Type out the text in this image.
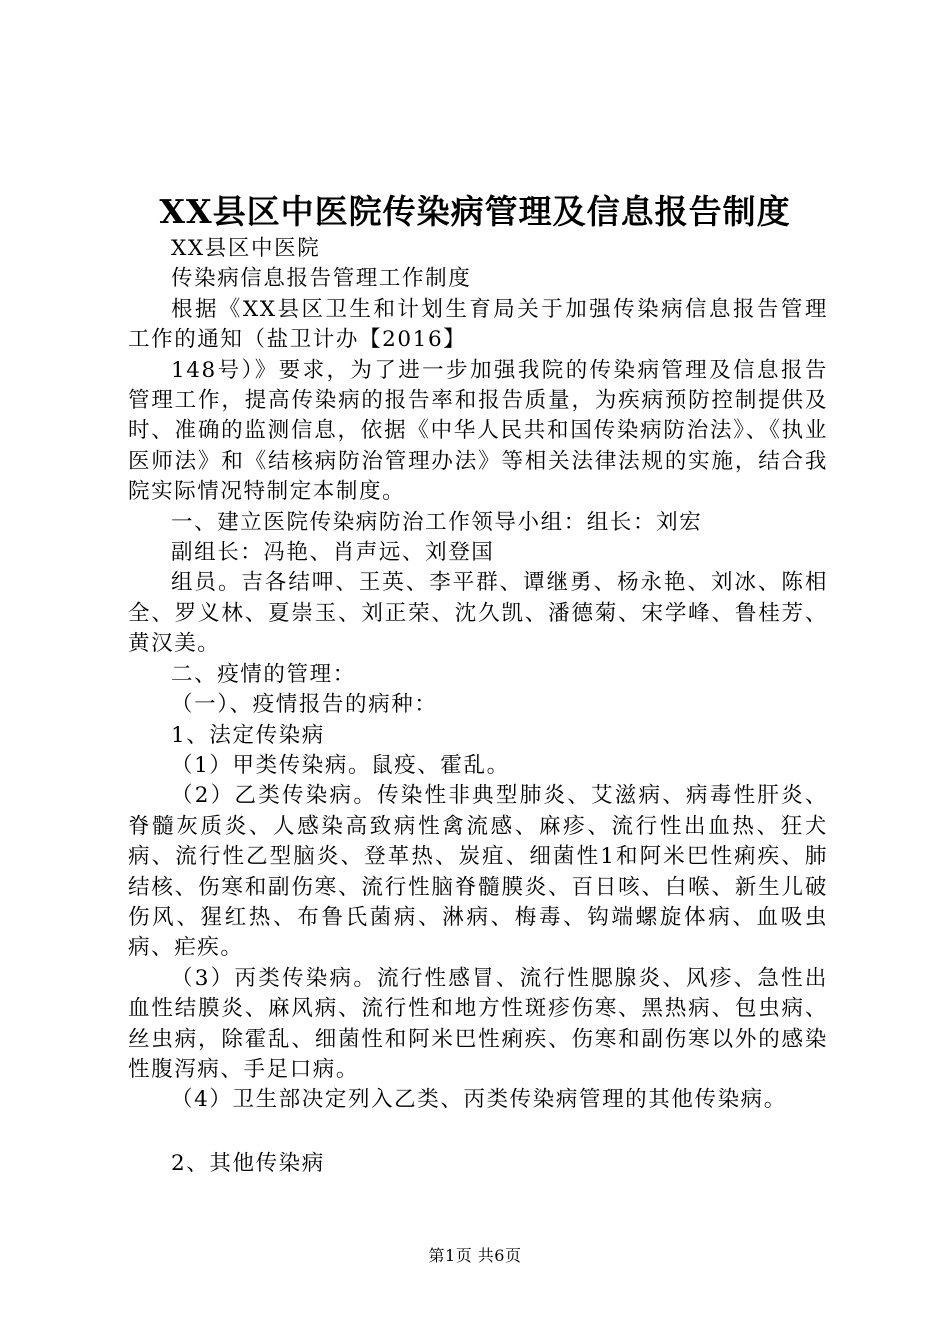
XX县区中医院传染病管理及信息报告制度

XX县区中医院

传染病信息报告管理工作制度

根据《XX县区卫生和计划生育局关于加强传染病信息报告管理工作的通知（盐卫计办【2016】

148号）》要求，为了进一步加强我院的传染病管理及信息报告管理工作，提高传染病的报告率和报告质量，为疾病预防控制提供及时、准确的监测信息，依据《中华人民共和国传染病防治法》、《执业医师法》和《结核病防治管理办法》等相关法律法规的实施，结合我院实际情况特制定本制度。

一、建立医院传染病防治工作领导小组：组长：刘宏

副组长：冯艳、肖声远、刘登国

组员。吉各结呷、王英、李平群、谭继勇、杨永艳、刘冰、陈相全、罗义林、夏崇玉、刘正荣、沈久凯、潘德菊、宋学峰、鲁桂芳、黄汉美。

二、疫情的管理：

（一）、疫情报告的病种：

1、法定传染病

（1）甲类传染病。鼠疫、霍乱。

（2）乙类传染病。传染性非典型肺炎、艾滋病、病毒性肝炎、脊髓灰质炎、人感染高致病性禽流感、麻疹、流行性出血热、狂犬病、流行性乙型脑炎、登革热、炭疽、细菌性1和阿米巴性痢疾、肺结核、伤寒和副伤寒、流行性脑脊髓膜炎、百日咳、白喉、新生儿破伤风、猩红热、布鲁氏菌病、淋病、梅毒、钩端螺旋体病、血吸虫病、疟疾。

（3）丙类传染病。流行性感冒、流行性腮腺炎、风疹、急性出血性结膜炎、麻风病、流行性和地方性斑疹伤寒、黑热病、包虫病、丝虫病，除霍乱、细菌性和阿米巴性痢疾、伤寒和副伤寒以外的感染性腹泻病、手足口病。

（4）卫生部决定列入乙类、丙类传染病管理的其他传染病。

2、其他传染病

第1页 共6页
